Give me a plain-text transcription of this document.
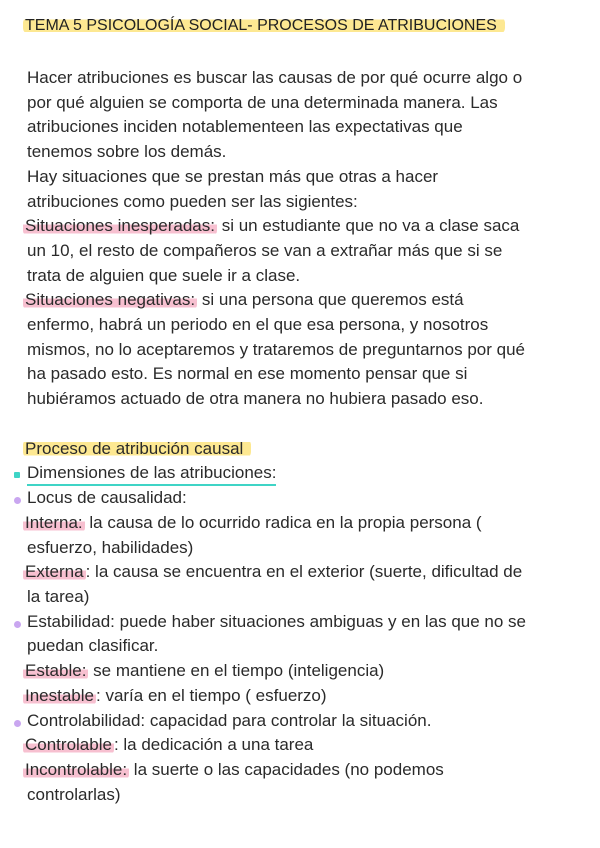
TEMA 5 PSICOLOGÍA SOCIAL- PROCESOS DE ATRIBUCIONES

Hacer atribuciones es buscar las causas de por qué ocurre algo o

por qué alguien se comporta de una determinada manera. Las

atribuciones inciden notablementeen las expectativas que

tenemos sobre los demás.

Hay situaciones que se prestan más que otras a hacer

atribuciones como pueden ser las sigientes:

Situaciones inesperadas: si un estudiante que no va a clase saca

un 10, el resto de compañeros se van a extrañar más que si se

trata de alguien que suele ir a clase.

Situaciones negativas: si una persona que queremos está

enfermo, habrá un periodo en el que esa persona, y nosotros

mismos, no lo aceptaremos y trataremos de preguntarnos por qué

ha pasado esto. Es normal en ese momento pensar que si

hubiéramos actuado de otra manera no hubiera pasado eso.

Proceso de atribución causal

Dimensiones de las atribuciones:

Locus de causalidad:

Interna: la causa de lo ocurrido radica en la propia persona (

esfuerzo, habilidades)

Externa : la causa se encuentra en el exterior (suerte, dificultad de

la tarea)

Estabilidad: puede haber situaciones ambiguas y en las que no se

puedan clasificar.

Estable: se mantiene en el tiempo (inteligencia)

Inestable : varía en el tiempo ( esfuerzo)

Controlabilidad: capacidad para controlar la situación.

Controlable : la dedicación a una tarea

Incontrolable: la suerte o las capacidades (no podemos

controlarlas)
